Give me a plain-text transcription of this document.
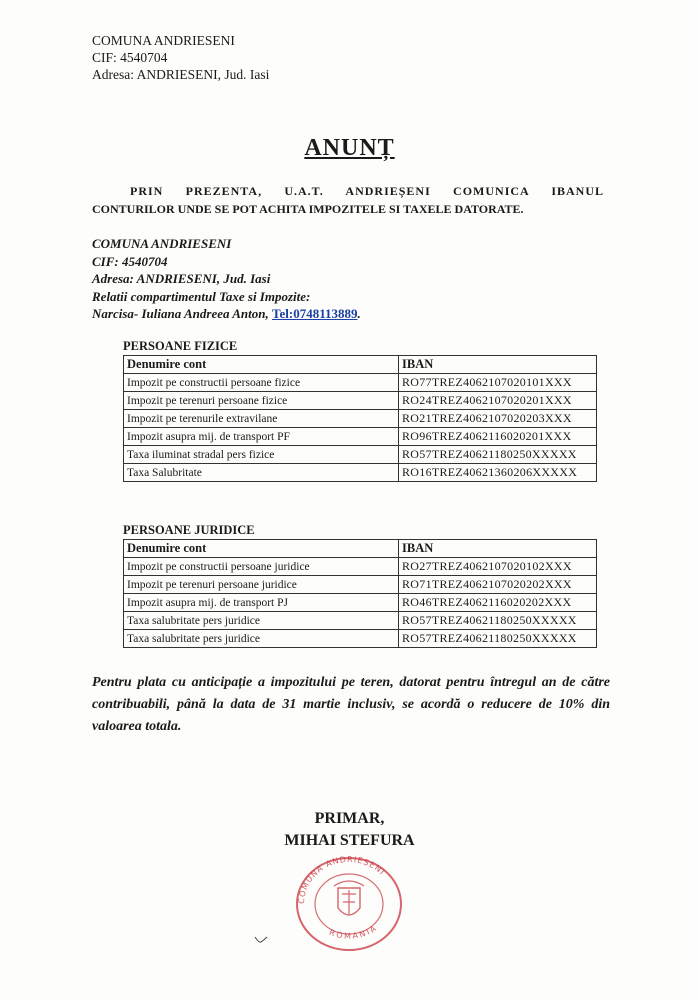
COMUNA ANDRIESENI
CIF: 4540704
Adresa: ANDRIESENI, Jud. Iasi
ANUNȚ
PRIN PREZENTA, U.A.T. ANDRIEȘENI COMUNICA IBANUL
CONTURILOR UNDE SE POT ACHITA IMPOZITELE SI TAXELE DATORATE.
COMUNA ANDRIESENI
CIF: 4540704
Adresa: ANDRIESENI, Jud. Iasi
Relatii compartimentul Taxe si Impozite:
Narcisa- Iuliana Andreea Anton, Tel:0748113889.
PERSOANE FIZICE
Denumire cont	IBAN
Impozit pe constructii persoane fizice	RO77TREZ4062107020101XXX
Impozit pe terenuri persoane fizice	RO24TREZ4062107020201XXX
Impozit pe terenurile extravilane	RO21TREZ4062107020203XXX
Impozit asupra mij. de transport PF	RO96TREZ4062116020201XXX
Taxa iluminat stradal pers fizice	RO57TREZ40621180250XXXXX
Taxa Salubritate	RO16TREZ40621360206XXXXX
PERSOANE JURIDICE
Denumire cont	IBAN
Impozit pe constructii persoane juridice	RO27TREZ4062107020102XXX
Impozit pe terenuri persoane juridice	RO71TREZ4062107020202XXX
Impozit asupra mij. de transport PJ	RO46TREZ4062116020202XXX
Taxa salubritate pers juridice	RO57TREZ40621180250XXXXX
Taxa salubritate pers juridice	RO57TREZ40621180250XXXXX
Pentru plata cu anticipație a impozitului pe teren, datorat pentru întregul an de către contribuabili, până la data de 31 martie inclusiv, se acordă o reducere de 10% din valoarea totala.
PRIMAR,
MIHAI STEFURA
COMUNA ANDRIESENI
ROMANIA
